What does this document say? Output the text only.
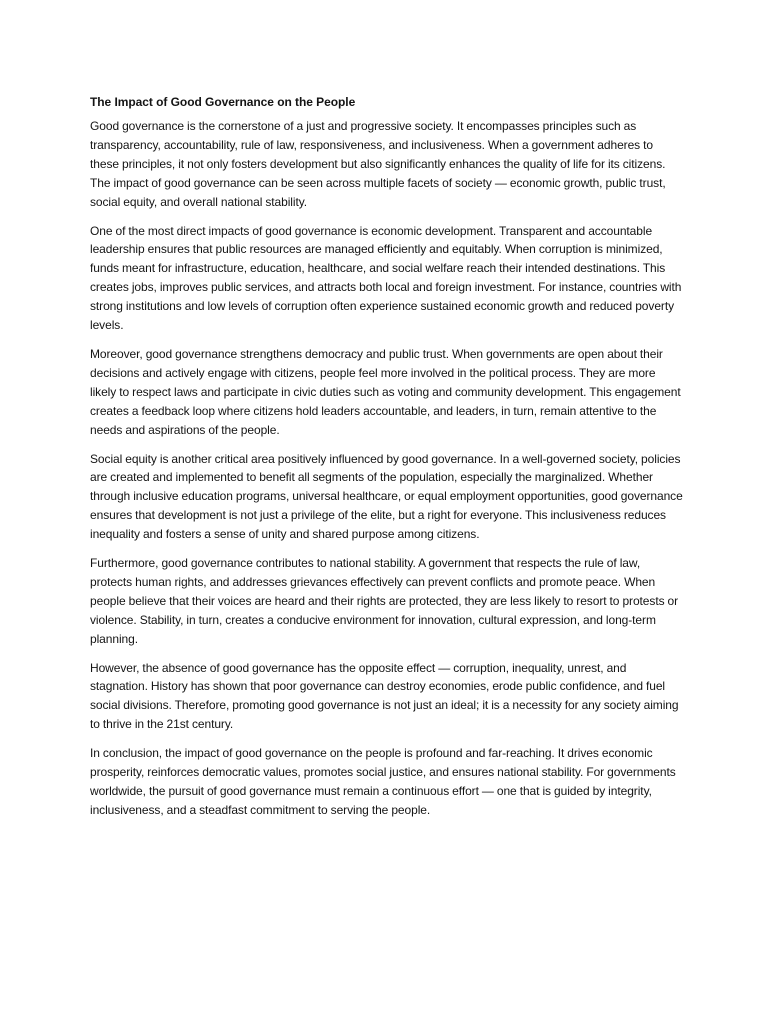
The Impact of Good Governance on the People

Good governance is the cornerstone of a just and progressive society. It encompasses principles such as transparency, accountability, rule of law, responsiveness, and inclusiveness. When a government adheres to these principles, it not only fosters development but also significantly enhances the quality of life for its citizens. The impact of good governance can be seen across multiple facets of society — economic growth, public trust, social equity, and overall national stability.

One of the most direct impacts of good governance is economic development. Transparent and accountable leadership ensures that public resources are managed efficiently and equitably. When corruption is minimized, funds meant for infrastructure, education, healthcare, and social welfare reach their intended destinations. This creates jobs, improves public services, and attracts both local and foreign investment. For instance, countries with strong institutions and low levels of corruption often experience sustained economic growth and reduced poverty levels.

Moreover, good governance strengthens democracy and public trust. When governments are open about their decisions and actively engage with citizens, people feel more involved in the political process. They are more likely to respect laws and participate in civic duties such as voting and community development. This engagement creates a feedback loop where citizens hold leaders accountable, and leaders, in turn, remain attentive to the needs and aspirations of the people.

Social equity is another critical area positively influenced by good governance. In a well-governed society, policies are created and implemented to benefit all segments of the population, especially the marginalized. Whether through inclusive education programs, universal healthcare, or equal employment opportunities, good governance ensures that development is not just a privilege of the elite, but a right for everyone. This inclusiveness reduces inequality and fosters a sense of unity and shared purpose among citizens.

Furthermore, good governance contributes to national stability. A government that respects the rule of law, protects human rights, and addresses grievances effectively can prevent conflicts and promote peace. When people believe that their voices are heard and their rights are protected, they are less likely to resort to protests or violence. Stability, in turn, creates a conducive environment for innovation, cultural expression, and long-term planning.

However, the absence of good governance has the opposite effect — corruption, inequality, unrest, and stagnation. History has shown that poor governance can destroy economies, erode public confidence, and fuel social divisions. Therefore, promoting good governance is not just an ideal; it is a necessity for any society aiming to thrive in the 21st century.

In conclusion, the impact of good governance on the people is profound and far-reaching. It drives economic prosperity, reinforces democratic values, promotes social justice, and ensures national stability. For governments worldwide, the pursuit of good governance must remain a continuous effort — one that is guided by integrity, inclusiveness, and a steadfast commitment to serving the people.
